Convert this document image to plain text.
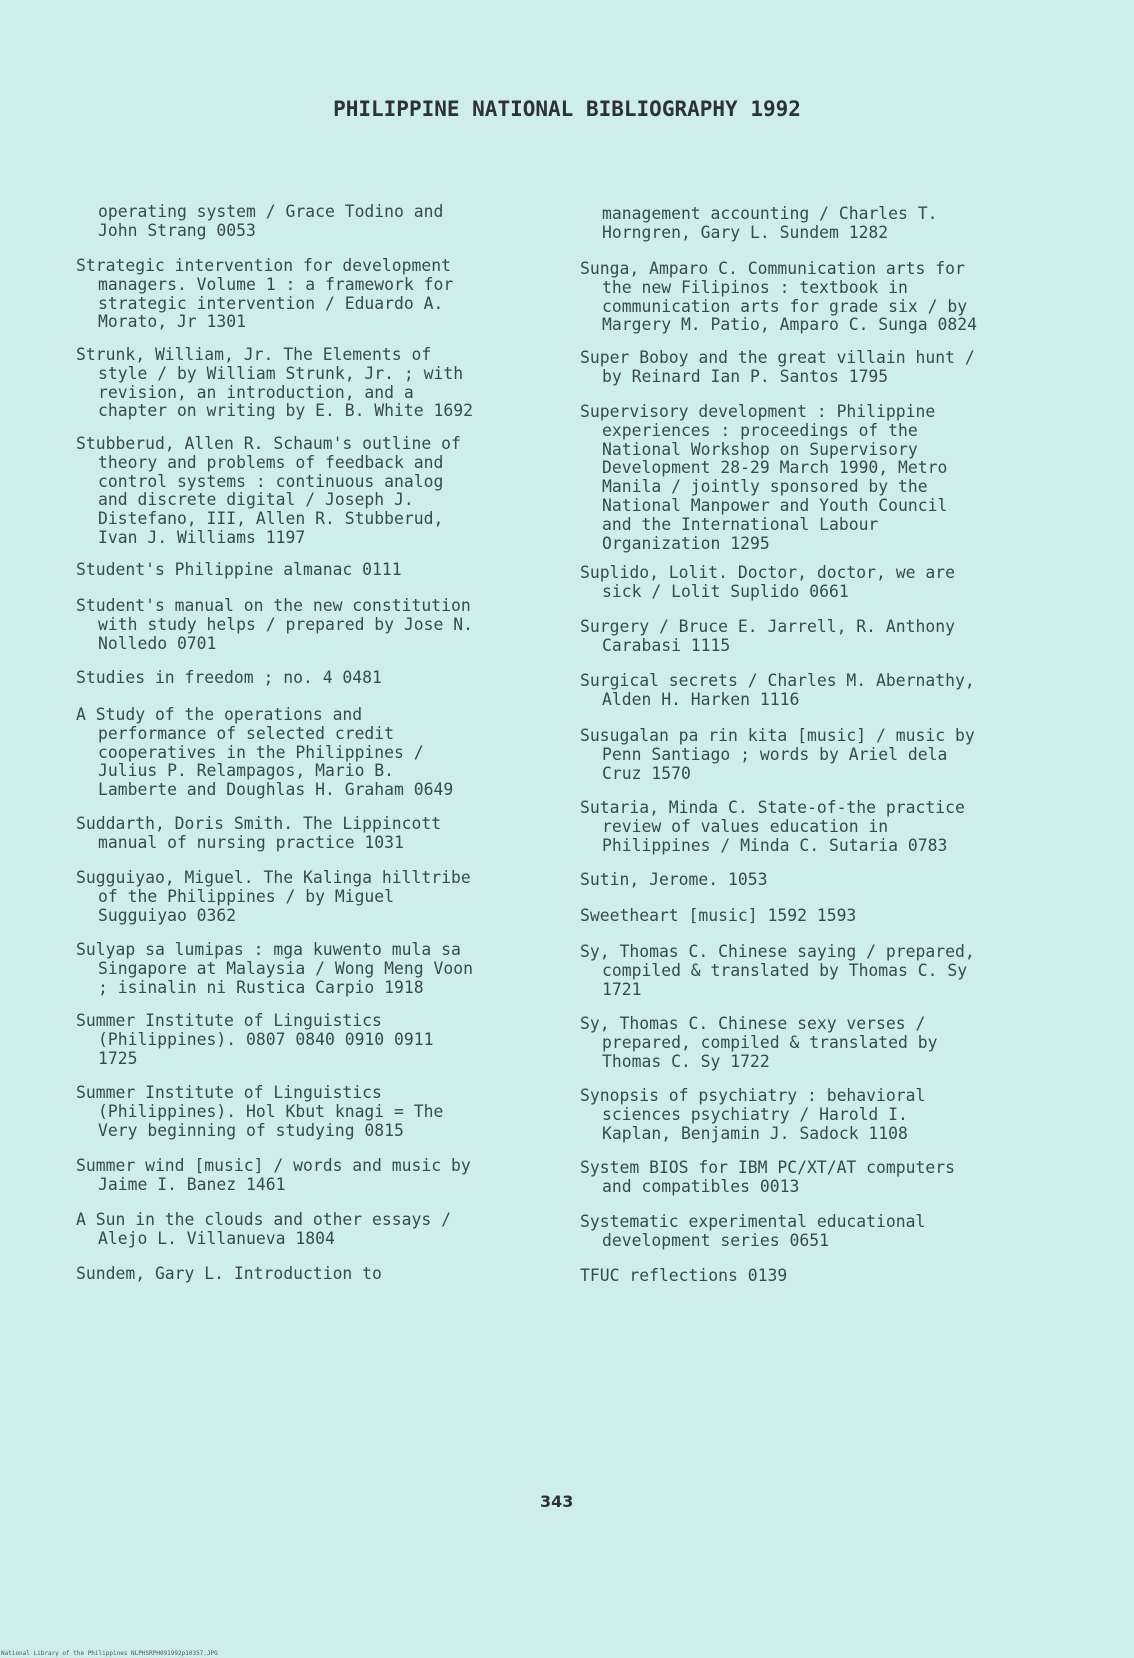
PHILIPPINE NATIONAL BIBLIOGRAPHY 1992
operating system / Grace Todino and
John Strang 0053
Strategic intervention for development
managers. Volume 1 : a framework for
strategic intervention / Eduardo A.
Morato, Jr 1301
Strunk, William, Jr. The Elements of
style / by William Strunk, Jr. ; with
revision, an introduction, and a
chapter on writing by E. B. White 1692
Stubberud, Allen R. Schaum's outline of
theory and problems of feedback and
control systems : continuous analog
and discrete digital / Joseph J.
Distefano, III, Allen R. Stubberud,
Ivan J. Williams 1197
Student's Philippine almanac 0111
Student's manual on the new constitution
with study helps / prepared by Jose N.
Nolledo 0701
Studies in freedom ; no. 4 0481
A Study of the operations and
performance of selected credit
cooperatives in the Philippines /
Julius P. Relampagos, Mario B.
Lamberte and Doughlas H. Graham 0649
Suddarth, Doris Smith. The Lippincott
manual of nursing practice 1031
Sugguiyao, Miguel. The Kalinga hilltribe
of the Philippines / by Miguel
Sugguiyao 0362
Sulyap sa lumipas : mga kuwento mula sa
Singapore at Malaysia / Wong Meng Voon
; isinalin ni Rustica Carpio 1918
Summer Institute of Linguistics
(Philippines). 0807 0840 0910 0911
1725
Summer Institute of Linguistics
(Philippines). Hol Kbut knagi = The
Very beginning of studying 0815
Summer wind [music] / words and music by
Jaime I. Banez 1461
A Sun in the clouds and other essays /
Alejo L. Villanueva 1804
Sundem, Gary L. Introduction to
management accounting / Charles T.
Horngren, Gary L. Sundem 1282
Sunga, Amparo C. Communication arts for
the new Filipinos : textbook in
communication arts for grade six / by
Margery M. Patio, Amparo C. Sunga 0824
Super Boboy and the great villain hunt /
by Reinard Ian P. Santos 1795
Supervisory development : Philippine
experiences : proceedings of the
National Workshop on Supervisory
Development 28-29 March 1990, Metro
Manila / jointly sponsored by the
National Manpower and Youth Council
and the International Labour
Organization 1295
Suplido, Lolit. Doctor, doctor, we are
sick / Lolit Suplido 0661
Surgery / Bruce E. Jarrell, R. Anthony
Carabasi 1115
Surgical secrets / Charles M. Abernathy,
Alden H. Harken 1116
Susugalan pa rin kita [music] / music by
Penn Santiago ; words by Ariel dela
Cruz 1570
Sutaria, Minda C. State-of-the practice
review of values education in
Philippines / Minda C. Sutaria 0783
Sutin, Jerome. 1053
Sweetheart [music] 1592 1593
Sy, Thomas C. Chinese saying / prepared,
compiled & translated by Thomas C. Sy
1721
Sy, Thomas C. Chinese sexy verses /
prepared, compiled & translated by
Thomas C. Sy 1722
Synopsis of psychiatry : behavioral
sciences psychiatry / Harold I.
Kaplan, Benjamin J. Sadock 1108
System BIOS for IBM PC/XT/AT computers
and compatibles 0013
Systematic experimental educational
development series 0651
TFUC reflections 0139
343
National Library of the Philippines NLPHSRPH091992p10357.JPG
